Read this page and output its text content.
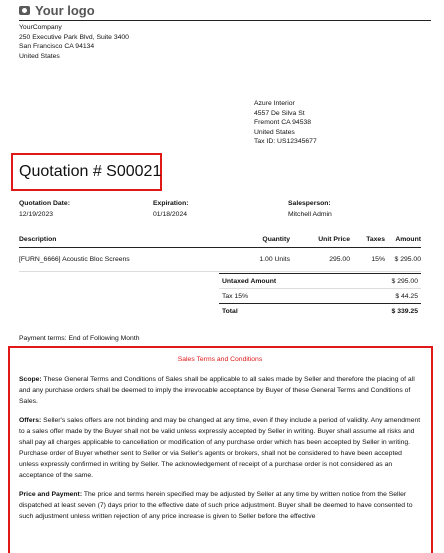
Your logo
YourCompany
250 Executive Park Blvd, Suite 3400
San Francisco CA 94134
United States
Azure Interior
4557 De Silva St
Fremont CA 94538
United States
Tax ID: US12345677
Quotation # S00021
Quotation Date:
12/19/2023
Expiration:
01/18/2024
Salesperson:
Mitchell Admin
Description	Quantity	Unit Price	Taxes	Amount
[FURN_6666] Acoustic Bloc Screens	1.00 Units	295.00	15%	$ 295.00
Untaxed Amount	$ 295.00
Tax 15%	$ 44.25
Total	$ 339.25
Payment terms: End of Following Month
Sales Terms and Conditions

Scope: These General Terms and Conditions of Sales shall be applicable to all sales made by Seller and therefore the placing of all and any purchase orders shall be deemed to imply the irrevocable acceptance by Buyer of these General Terms and Conditions of Sales.

Offers: Seller's sales offers are not binding and may be changed at any time, even if they include a period of validity. Any amendment to a sales offer made by the Buyer shall not be valid unless expressly accepted by Seller in writing. Buyer shall assume all risks and shall pay all charges applicable to cancellation or modification of any purchase order which has been accepted by Seller in writing.
Purchase order of Buyer whether sent to Seller or via Seller's agents or brokers, shall not be considered to have been accepted unless expressly confirmed in writing by Seller. The acknowledgement of receipt of a purchase order is not considered as an acceptance of the same.

Price and Payment: The price and terms herein specified may be adjusted by Seller at any time by written notice from the Seller dispatched at least seven (7) days prior to the effective date of such price adjustment. Buyer shall be deemed to have consented to such adjustment unless written rejection of any price increase is given to Seller before the effective
